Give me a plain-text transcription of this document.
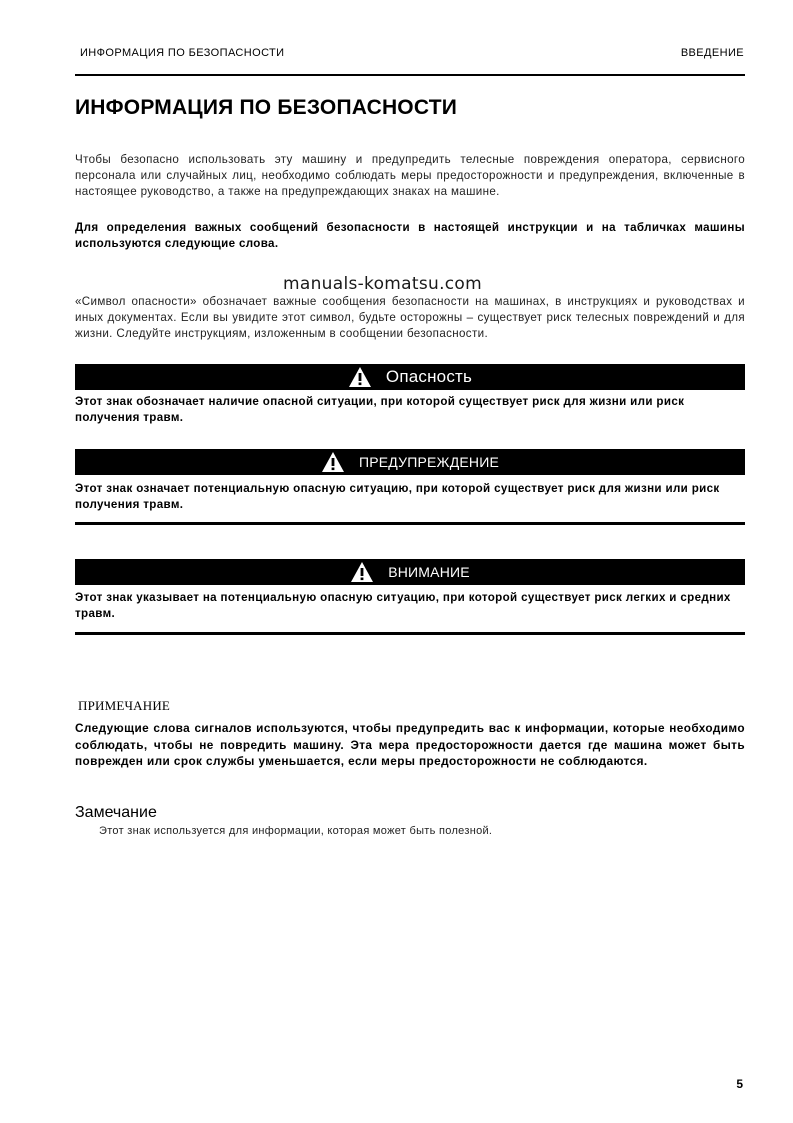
ИНФОРМАЦИЯ ПО БЕЗОПАСНОСТИ	ВВЕДЕНИЕ
ИНФОРМАЦИЯ ПО БЕЗОПАСНОСТИ

Чтобы безопасно использовать эту машину и предупредить телесные повреждения оператора, сервисного персонала или случайных лиц, необходимо соблюдать меры предосторожности и предупреждения, включенные в настоящее руководство, а также на предупреждающих знаках на машине.

Для определения важных сообщений безопасности в настоящей инструкции и на табличках машины используются следующие слова.

manuals-komatsu.com

«Символ опасности» обозначает важные сообщения безопасности на машинах, в инструкциях и руководствах и иных документах. Если вы увидите этот символ, будьте осторожны – существует риск телесных повреждений и для жизни. Следуйте инструкциям, изложенным в сообщении безопасности.

Опасность

Этот знак обозначает наличие опасной ситуации, при которой существует риск для жизни или риск получения травм.

ПРЕДУПРЕЖДЕНИЕ

Этот знак означает потенциальную опасную ситуацию, при которой существует риск для жизни или риск получения травм.

ВНИМАНИЕ

Этот знак указывает на потенциальную опасную ситуацию, при которой существует риск легких и средних травм.

ПРИМЕЧАНИЕ

Следующие слова сигналов используются, чтобы предупредить вас к информации, которые необходимо соблюдать, чтобы не повредить машину. Эта мера предосторожности дается где машина может быть поврежден или срок службы уменьшается, если меры предосторожности не соблюдаются.

Замечание
Этот знак используется для информации, которая может быть полезной.
5
